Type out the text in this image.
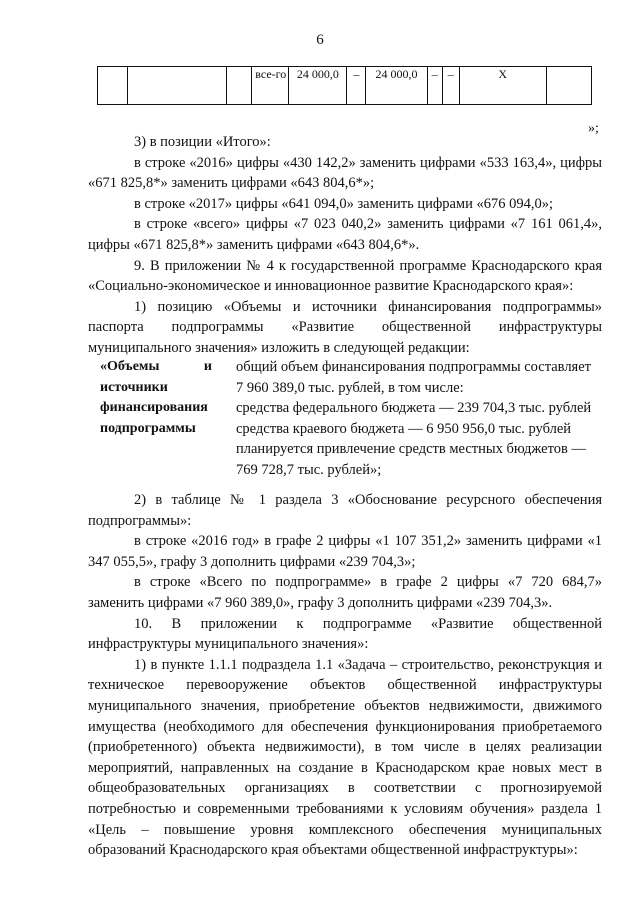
6
			все-го	24 000,0	–	24 000,0	–	–	Х	
»;

3) в позиции «Итого»:

в строке «2016» цифры «430 142,2» заменить цифрами «533 163,4», цифры «671 825,8*» заменить цифрами «643 804,6*»;

в строке «2017» цифры «641 094,0» заменить цифрами «676 094,0»;

в строке «всего» цифры «7 023 040,2» заменить цифрами «7 161 061,4», цифры «671 825,8*» заменить цифрами «643 804,6*».

9. В приложении № 4 к государственной программе Краснодарского края «Социально-экономическое и инновационное развитие Краснодарского края»:

1) позицию «Объемы и источники финансирования подпрограммы» паспорта подпрограммы «Развитие общественной инфраструктуры муниципального значения» изложить в следующей редакции:

«Объемы и источники финансирования подпрограммы
общий объем финансирования подпрограммы составляет
7 960 389,0 тыс. рублей, в том числе:
средства федерального бюджета — 239 704,3 тыс. рублей
средства краевого бюджета — 6 950 956,0 тыс. рублей
планируется привлечение средств местных бюджетов —
769 728,7 тыс. рублей»;

2) в таблице № 1 раздела 3 «Обоснование ресурсного обеспечения подпрограммы»:

в строке «2016 год» в графе 2 цифры «1 107 351,2» заменить цифрами «1 347 055,5», графу 3 дополнить цифрами «239 704,3»;

в строке «Всего по подпрограмме» в графе 2 цифры «7 720 684,7» заменить цифрами «7 960 389,0», графу 3 дополнить цифрами «239 704,3».

10. В приложении к подпрограмме «Развитие общественной инфраструктуры муниципального значения»:

1) в пункте 1.1.1 подраздела 1.1 «Задача – строительство, реконструкция и техническое перевооружение объектов общественной инфраструктуры муниципального значения, приобретение объектов недвижимости, движимого имущества (необходимого для обеспечения функционирования приобретаемого (приобретенного) объекта недвижимости), в том числе в целях реализации мероприятий, направленных на создание в Краснодарском крае новых мест в общеобразовательных организациях в соответствии с прогнозируемой потребностью и современными требованиями к условиям обучения» раздела 1 «Цель – повышение уровня комплексного обеспечения муниципальных образований Краснодарского края объектами общественной инфраструктуры»:
